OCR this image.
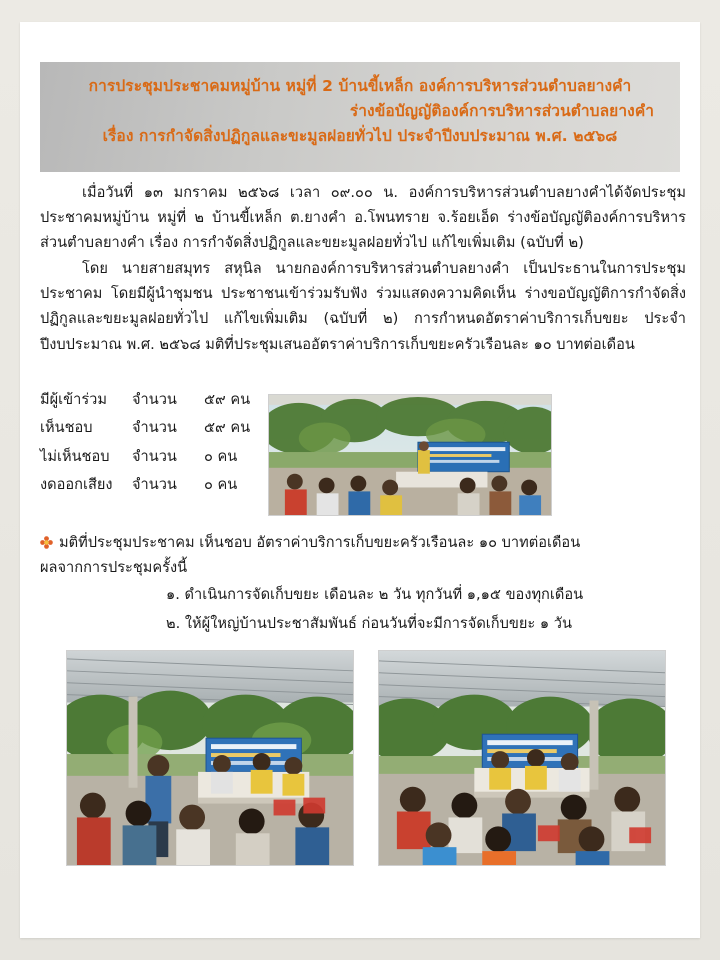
การประชุมประชาคมหมู่บ้าน หมู่ที่ 2 บ้านขี้เหล็ก องค์การบริหารส่วนตำบลยางคำ
ร่างข้อบัญญัติองค์การบริหารส่วนตำบลยางคำ
เรื่อง การกำจัดสิ่งปฏิกูลและขะมูลฝอยทั่วไป ประจำปีงบประมาณ พ.ศ. ๒๕๖๘

เมื่อวันที่ ๑๓ มกราคม ๒๕๖๘ เวลา ๐๙.๐๐ น. องค์การบริหารส่วนตำบลยางคำได้จัดประชุมประชาคมหมู่บ้าน หมู่ที่ ๒ บ้านขี้เหล็ก ต.ยางคำ อ.โพนทราย จ.ร้อยเอ็ด ร่างข้อบัญญัติองค์การบริหารส่วนตำบลยางคำ เรื่อง การกำจัดสิ่งปฏิกูลและขยะมูลฝอยทั่วไป แก้ไขเพิ่มเติม (ฉบับที่ ๒)

โดย นายสายสมุทร สหุนิล นายกองค์การบริหารส่วนตำบลยางคำ เป็นประธานในการประชุมประชาคม โดยมีผู้นำชุมชน ประชาชนเข้าร่วมรับฟัง ร่วมแสดงความคิดเห็น ร่างขอบัญญัติการกำจัดสิ่งปฏิกูลและขยะมูลฝอยทั่วไป แก้ไขเพิ่มเติม (ฉบับที่ ๒) การกำหนดอัตราค่าบริการเก็บขยะ ประจำปีงบประมาณ พ.ศ. ๒๕๖๘ มติที่ประชุมเสนออัตราค่าบริการเก็บขยะครัวเรือนละ ๑๐ บาทต่อเดือน

มีผู้เข้าร่วม จำนวน ๕๙ คน
เห็นชอบ	จำนวน ๕๙ คน
ไม่เห็นชอบ จำนวน ๐ คน
งดออกเสียง จำนวน ๐ คน
มติที่ประชุมประชาคม เห็นชอบ อัตราค่าบริการเก็บขยะครัวเรือนละ ๑๐ บาทต่อเดือน
ผลจากการประชุมครั้งนี้
๑. ดำเนินการจัดเก็บขยะ เดือนละ ๒ วัน ทุกวันที่ ๑,๑๕ ของทุกเดือน
๒. ให้ผู้ใหญ่บ้านประชาสัมพันธ์ ก่อนวันที่จะมีการจัดเก็บขยะ ๑ วัน
